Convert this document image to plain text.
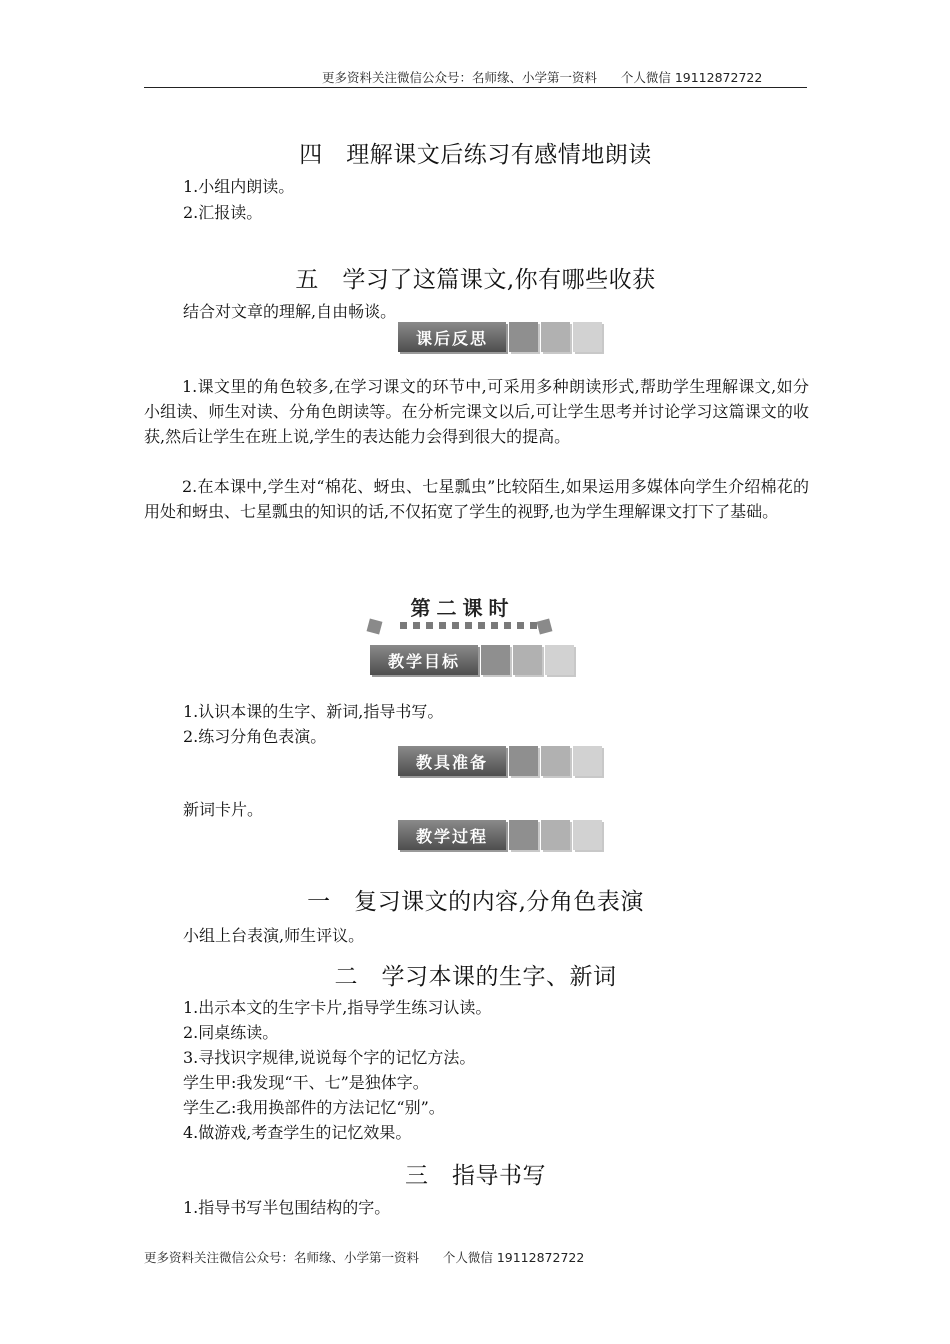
更多资料关注微信公众号：名师缘、小学第一资料      个人微信 19112872722
四　理解课文后练习有感情地朗读
1.小组内朗读。
2.汇报读。
五　学习了这篇课文,你有哪些收获
结合对文章的理解,自由畅谈。
课后反思
1.课文里的角色较多,在学习课文的环节中,可采用多种朗读形式,帮助学生理解课文,如分小组读、师生对读、分角色朗读等。在分析完课文以后,可让学生思考并讨论学习这篇课文的收获,然后让学生在班上说,学生的表达能力会得到很大的提高。
2.在本课中,学生对“棉花、蚜虫、七星瓢虫”比较陌生,如果运用多媒体向学生介绍棉花的用处和蚜虫、七星瓢虫的知识的话,不仅拓宽了学生的视野,也为学生理解课文打下了基础。
第二课时
教学目标
1.认识本课的生字、新词,指导书写。
2.练习分角色表演。
教具准备
新词卡片。
教学过程
一　复习课文的内容,分角色表演
小组上台表演,师生评议。
二　学习本课的生字、新词
1.出示本文的生字卡片,指导学生练习认读。
2.同桌练读。
3.寻找识字规律,说说每个字的记忆方法。
学生甲:我发现“干、七”是独体字。
学生乙:我用换部件的方法记忆“别”。
4.做游戏,考查学生的记忆效果。
三　指导书写
1.指导书写半包围结构的字。
更多资料关注微信公众号：名师缘、小学第一资料      个人微信 19112872722
